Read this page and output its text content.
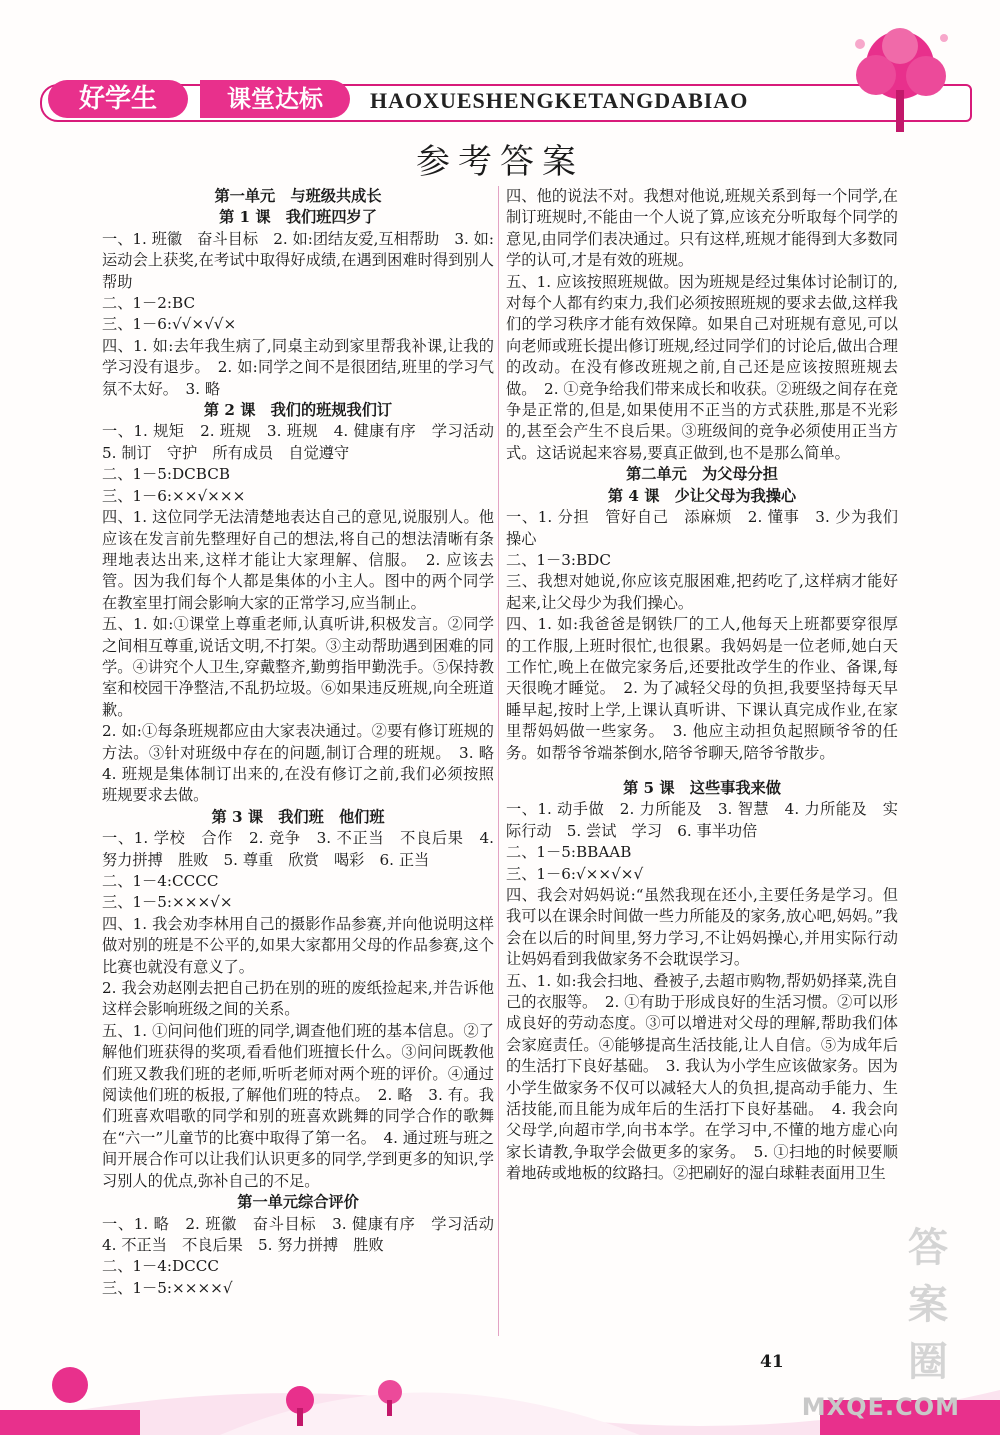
好学生	课堂达标	HAOXUESHENGKETANGDABIAO
参考答案
第一单元　与班级共成长
第 1 课　我们班四岁了

一、1. 班徽　奋斗目标　2. 如:团结友爱,互相帮助　3. 如:运动会上获奖,在考试中取得好成绩,在遇到困难时得到别人帮助

二、1－2:BC

三、1－6:√√×√√×

四、1. 如:去年我生病了,同桌主动到家里帮我补课,让我的学习没有退步。　2. 如:同学之间不是很团结,班里的学习气氛不太好。　3. 略

第 2 课　我们的班规我们订

一、1. 规矩　2. 班规　3. 班规　4. 健康有序　学习活动　5. 制订　守护　所有成员　自觉遵守

二、1－5:DCBCB

三、1－6:××√×××

四、1. 这位同学无法清楚地表达自己的意见,说服别人。他应该在发言前先整理好自己的想法,将自己的想法清晰有条理地表达出来,这样才能让大家理解、信服。　2. 应该去管。因为我们每个人都是集体的小主人。图中的两个同学在教室里打闹会影响大家的正常学习,应当制止。

五、1. 如:①课堂上尊重老师,认真听讲,积极发言。②同学之间相互尊重,说话文明,不打架。③主动帮助遇到困难的同学。④讲究个人卫生,穿戴整齐,勤剪指甲勤洗手。⑤保持教室和校园干净整洁,不乱扔垃圾。⑥如果违反班规,向全班道歉。

2. 如:①每条班规都应由大家表决通过。②要有修订班规的方法。③针对班级中存在的问题,制订合理的班规。　3. 略　4. 班规是集体制订出来的,在没有修订之前,我们必须按照班规要求去做。

第 3 课　我们班　他们班

一、1. 学校　合作　2. 竞争　3. 不正当　不良后果　4. 努力拼搏　胜败　5. 尊重　欣赏　喝彩　6. 正当

二、1－4:CCCC

三、1－5:×××√×

四、1. 我会劝李林用自己的摄影作品参赛,并向他说明这样做对别的班是不公平的,如果大家都用父母的作品参赛,这个比赛也就没有意义了。

2. 我会劝赵刚去把自己扔在别的班的废纸捡起来,并告诉他这样会影响班级之间的关系。

五、1. ①问问他们班的同学,调查他们班的基本信息。②了解他们班获得的奖项,看看他们班擅长什么。③问问既教他们班又教我们班的老师,听听老师对两个班的评价。④通过阅读他们班的板报,了解他们班的特点。　2. 略　3. 有。我们班喜欢唱歌的同学和别的班喜欢跳舞的同学合作的歌舞在“六一”儿童节的比赛中取得了第一名。　4. 通过班与班之间开展合作可以让我们认识更多的同学,学到更多的知识,学习别人的优点,弥补自己的不足。

第一单元综合评价

一、1. 略　2. 班徽　奋斗目标　3. 健康有序　学习活动　4. 不正当　不良后果　5. 努力拼搏　胜败

二、1－4:DCCC

三、1－5:××××√

四、他的说法不对。我想对他说,班规关系到每一个同学,在制订班规时,不能由一个人说了算,应该充分听取每个同学的意见,由同学们表决通过。只有这样,班规才能得到大多数同学的认可,才是有效的班规。

五、1. 应该按照班规做。因为班规是经过集体讨论制订的,对每个人都有约束力,我们必须按照班规的要求去做,这样我们的学习秩序才能有效保障。如果自己对班规有意见,可以向老师或班长提出修订班规,经过同学们的讨论后,做出合理的改动。在没有修改班规之前,自己还是应该按照班规去做。　2. ①竞争给我们带来成长和收获。②班级之间存在竞争是正常的,但是,如果使用不正当的方式获胜,那是不光彩的,甚至会产生不良后果。③班级间的竞争必须使用正当方式。这话说起来容易,要真正做到,也不是那么简单。

第二单元　为父母分担
第 4 课　少让父母为我操心

一、1. 分担　管好自己　添麻烦　2. 懂事　3. 少为我们操心

二、1－3:BDC

三、我想对她说,你应该克服困难,把药吃了,这样病才能好起来,让父母少为我们操心。

四、1. 如:我爸爸是钢铁厂的工人,他每天上班都要穿很厚的工作服,上班时很忙,也很累。我妈妈是一位老师,她白天工作忙,晚上在做完家务后,还要批改学生的作业、备课,每天很晚才睡觉。　2. 为了减轻父母的负担,我要坚持每天早睡早起,按时上学,上课认真听讲、下课认真完成作业,在家里帮妈妈做一些家务。　3. 他应主动担负起照顾爷爷的任务。如帮爷爷端茶倒水,陪爷爷聊天,陪爷爷散步。

第 5 课　这些事我来做

一、1. 动手做　2. 力所能及　3. 智慧　4. 力所能及　实际行动　5. 尝试　学习　6. 事半功倍

二、1－5:BBAAB

三、1－6:√××√×√

四、我会对妈妈说:“虽然我现在还小,主要任务是学习。但我可以在课余时间做一些力所能及的家务,放心吧,妈妈。”我会在以后的时间里,努力学习,不让妈妈操心,并用实际行动让妈妈看到我做家务不会耽误学习。

五、1. 如:我会扫地、叠被子,去超市购物,帮奶奶择菜,洗自己的衣服等。　2. ①有助于形成良好的生活习惯。②可以形成良好的劳动态度。③可以增进对父母的理解,帮助我们体会家庭责任。④能够提高生活技能,让人自信。⑤为成年后的生活打下良好基础。　3. 我认为小学生应该做家务。因为小学生做家务不仅可以减轻大人的负担,提高动手能力、生活技能,而且能为成年后的生活打下良好基础。　4. 我会向父母学,向超市学,向书本学。在学习中,不懂的地方虚心向家长请教,争取学会做更多的家务。　5. ①扫地的时候要顺着地砖或地板的纹路扫。②把刷好的湿白球鞋表面用卫生

41
答案圈
MXQE.COM
